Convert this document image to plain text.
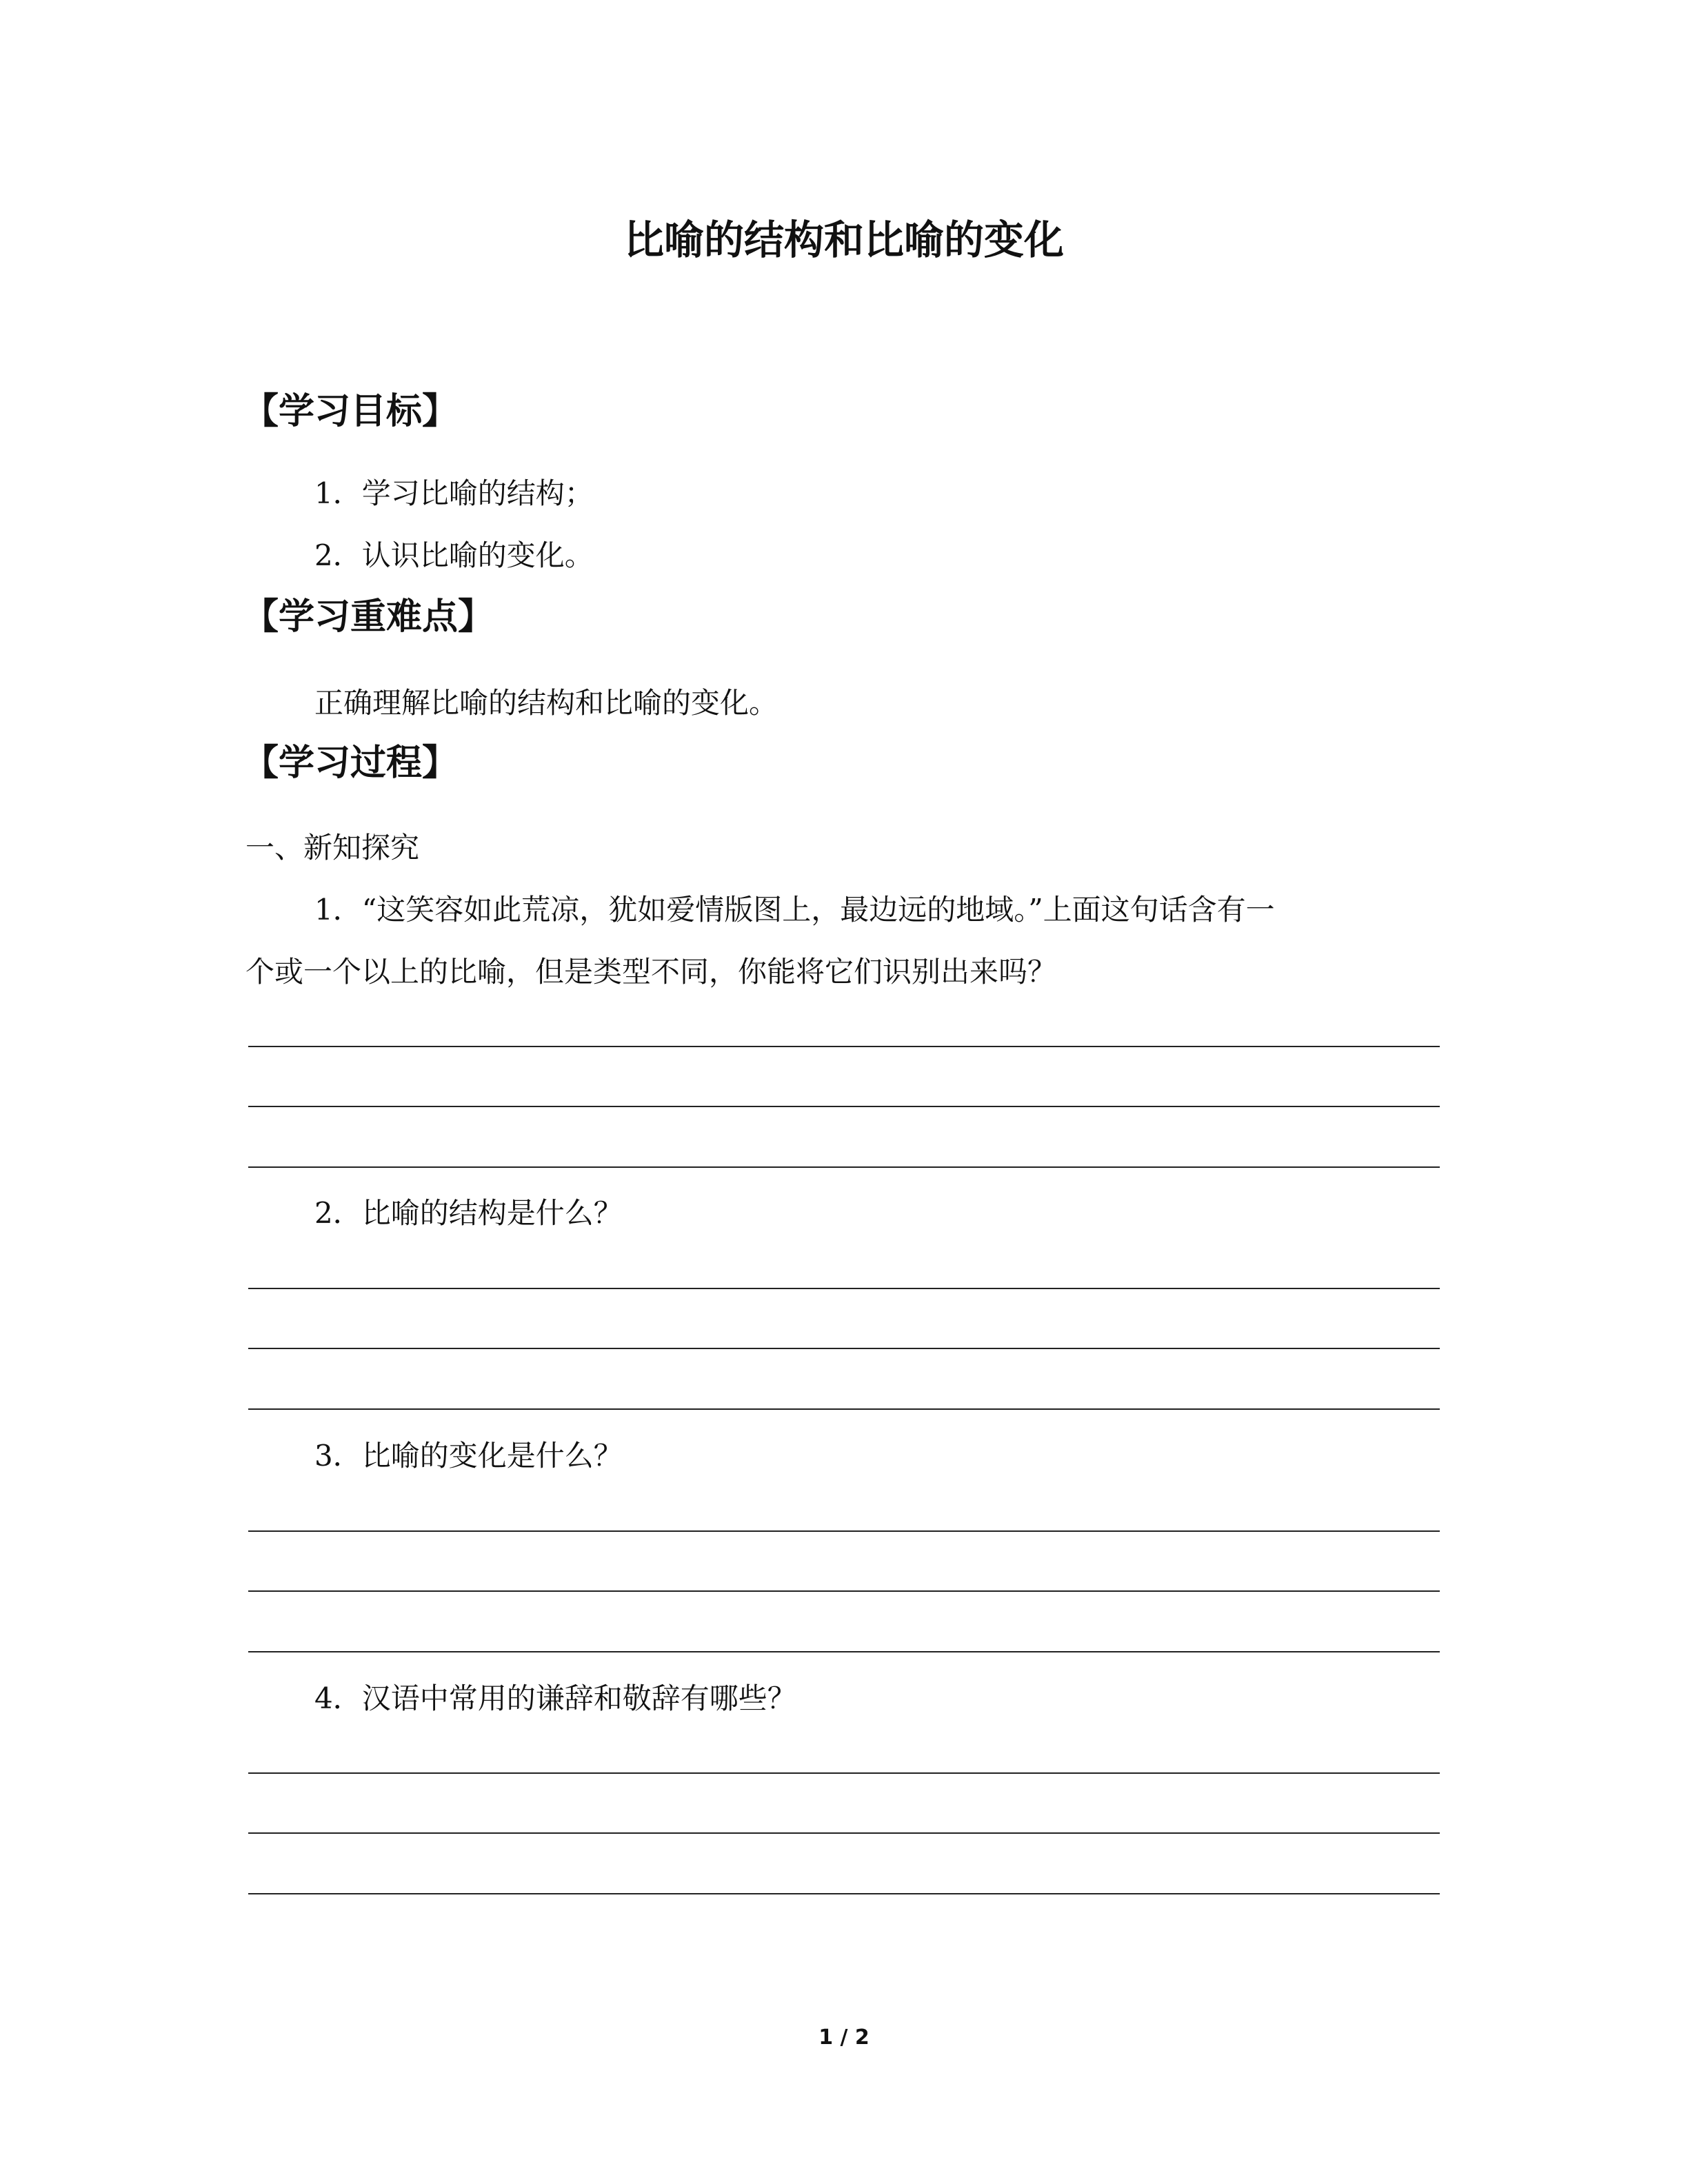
比喻的结构和比喻的变化
【学习目标】
1．学习比喻的结构；
2．认识比喻的变化。
【学习重难点】
正确理解比喻的结构和比喻的变化。
【学习过程】
一、新知探究
1．“这笑容如此荒凉，犹如爱情版图上，最边远的地域。”上面这句话含有一
个或一个以上的比喻，但是类型不同，你能将它们识别出来吗？
2．比喻的结构是什么？
3．比喻的变化是什么？
4．汉语中常用的谦辞和敬辞有哪些？
1 / 2
